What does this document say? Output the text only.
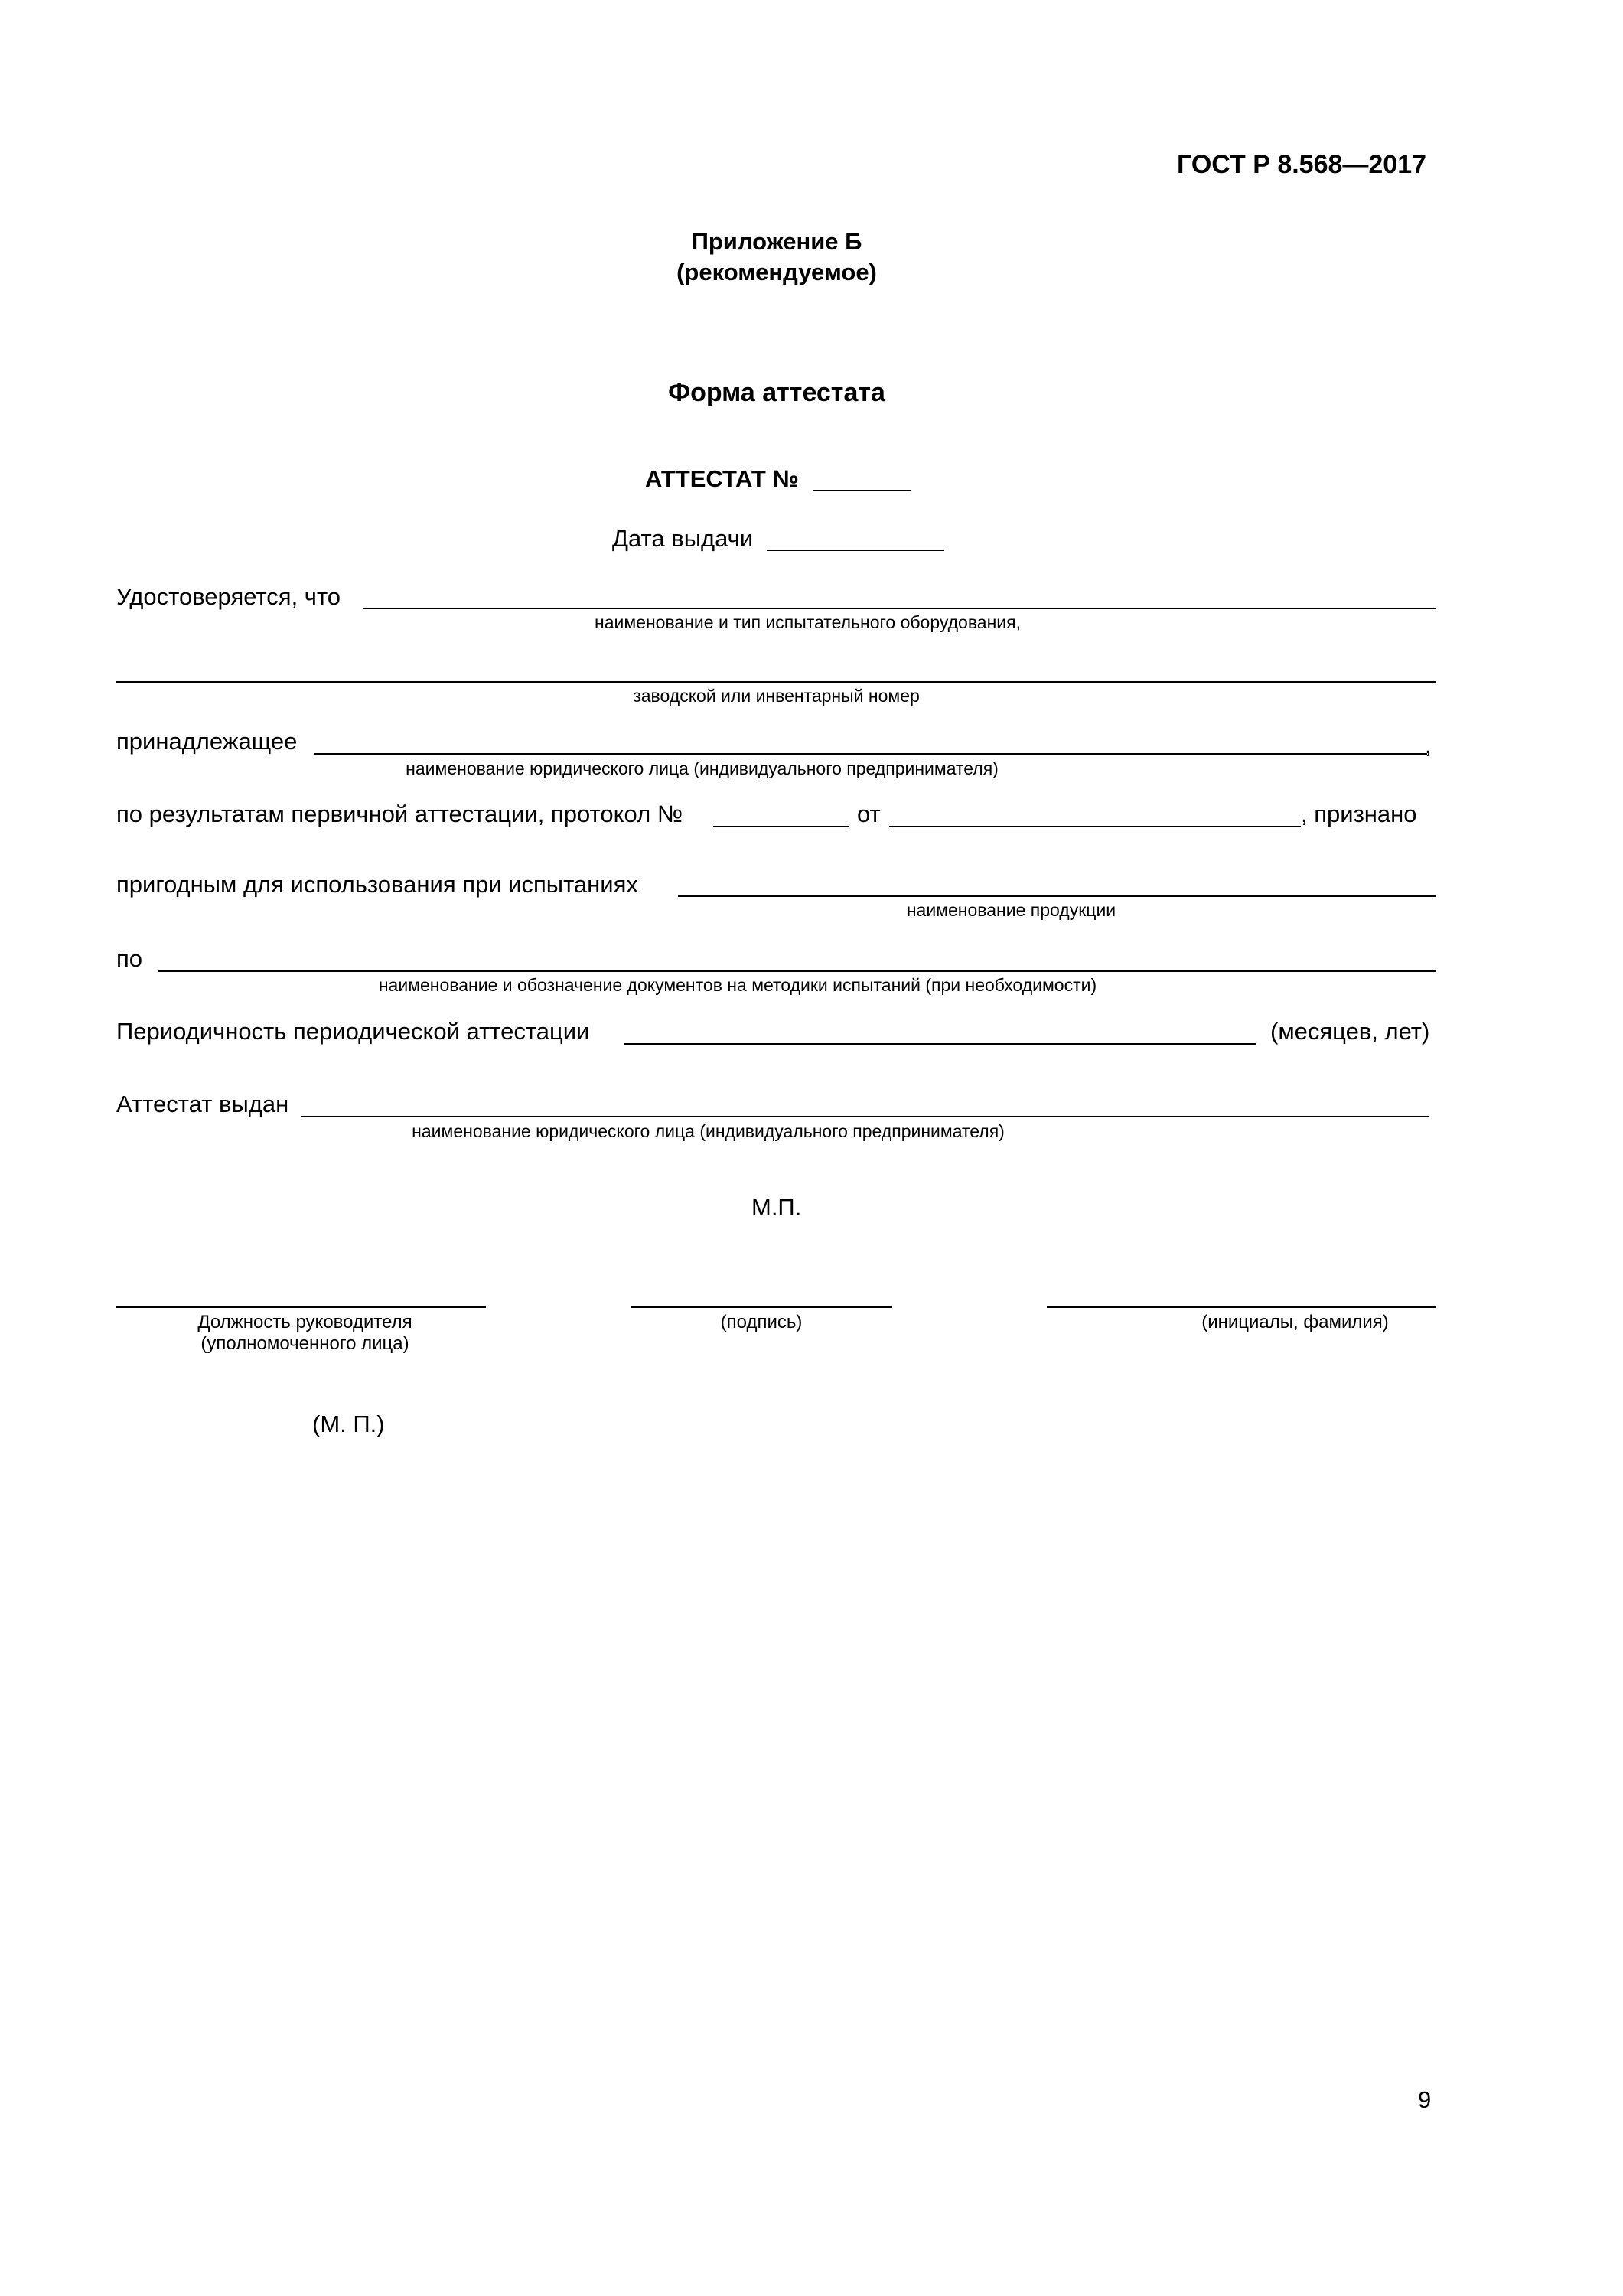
ГОСТ Р 8.568—2017
Приложение Б
(рекомендуемое)
Форма аттестата
АТТЕСТАТ №
Дата выдачи
Удостоверяется, что
наименование и тип испытательного оборудования,
заводской или инвентарный номер
принадлежащее	,
наименование юридического лица (индивидуального предпринимателя)
по результатам первичной аттестации, протокол №	от	, признано
пригодным для использования при испытаниях
наименование продукции
по
наименование и обозначение документов на методики испытаний (при необходимости)
Периодичность периодической аттестации	(месяцев, лет)
Аттестат выдан
наименование юридического лица (индивидуального предпринимателя)
М.П.
Должность руководителя
(уполномоченного лица)
(подпись)	(инициалы, фамилия)
(М. П.)
9
